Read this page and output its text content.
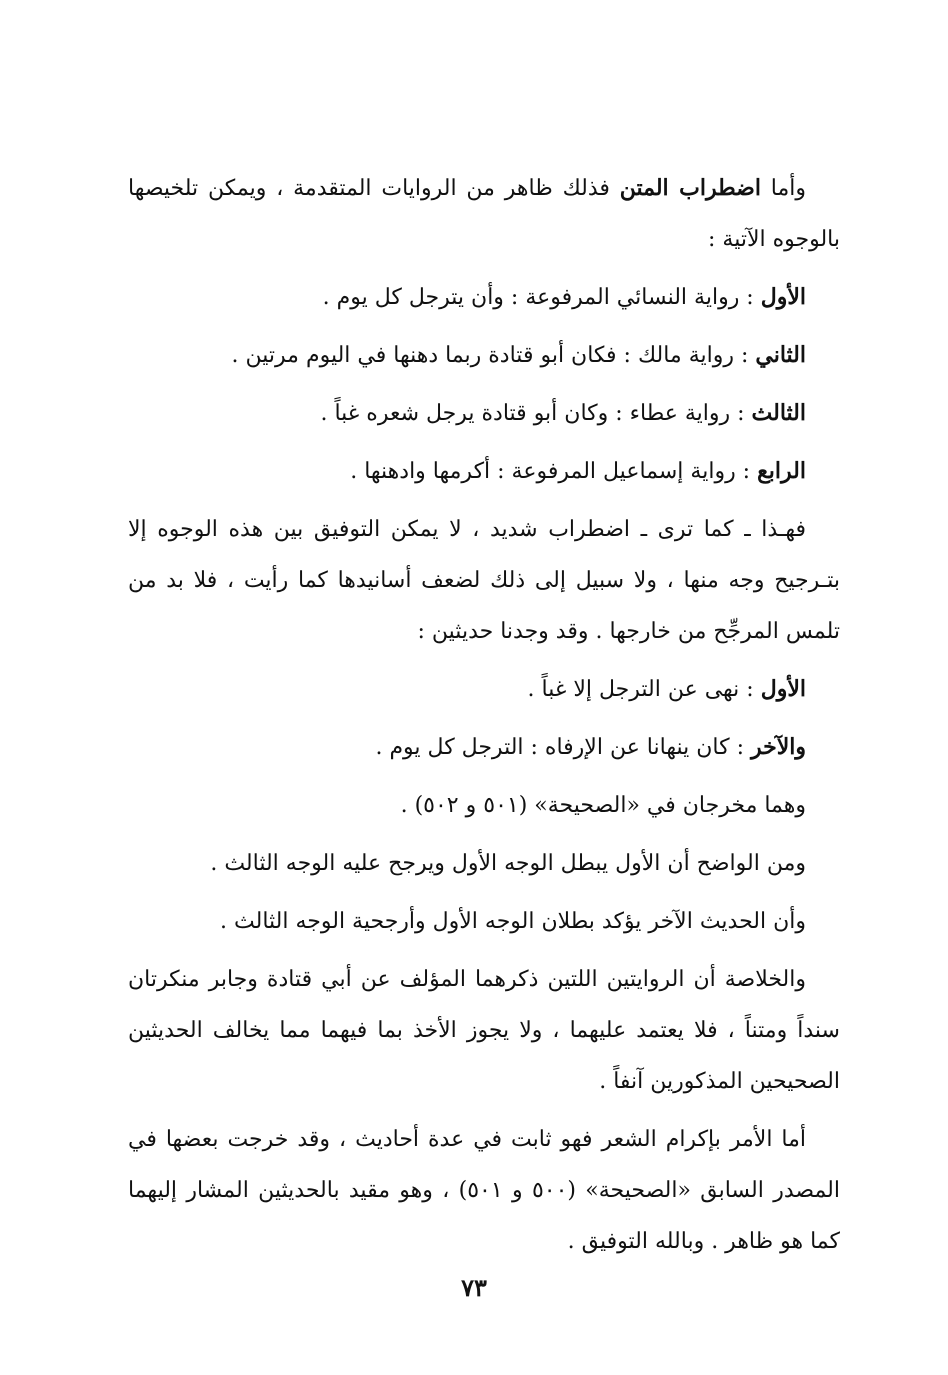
وأما اضطراب المتن فذلك ظاهر من الروايات المتقدمة ، ويمكن تلخيصها بالوجوه الآتية :

الأول : رواية النسائي المرفوعة : وأن يترجل كل يوم .

الثاني : رواية مالك : فكان أبو قتادة ربما دهنها في اليوم مرتين .

الثالث : رواية عطاء : وكان أبو قتادة يرجل شعره غباً .

الرابع : رواية إسماعيل المرفوعة : أكرمها وادهنها .

فهـذا ـ كما ترى ـ اضطراب شديد ، لا يمكن التوفيق بين هذه الوجوه إلا بتـرجيح وجه منها ، ولا سبيل إلى ذلك لضعف أسانيدها كما رأيت ، فلا بد من تلمس المرجِّح من خارجها . وقد وجدنا حديثين :

الأول : نهى عن الترجل إلا غباً .

والآخر : كان ينهانا عن الإرفاه : الترجل كل يوم .

وهما مخرجان في «الصحيحة» (٥٠١ و ٥٠٢) .

ومن الواضح أن الأول يبطل الوجه الأول ويرجح عليه الوجه الثالث .

وأن الحديث الآخر يؤكد بطلان الوجه الأول وأرجحية الوجه الثالث .

والخلاصة أن الروايتين اللتين ذكرهما المؤلف عن أبي قتادة وجابر منكرتان سنداً ومتناً ، فلا يعتمد عليهما ، ولا يجوز الأخذ بما فيهما مما يخالف الحديثين الصحيحين المذكورين آنفاً .

أما الأمر بإكرام الشعر فهو ثابت في عدة أحاديث ، وقد خرجت بعضها في المصدر السابق «الصحيحة» (٥٠٠ و ٥٠١) ، وهو مقيد بالحديثين المشار إليهما كما هو ظاهر . وبالله التوفيق .

٧٣
